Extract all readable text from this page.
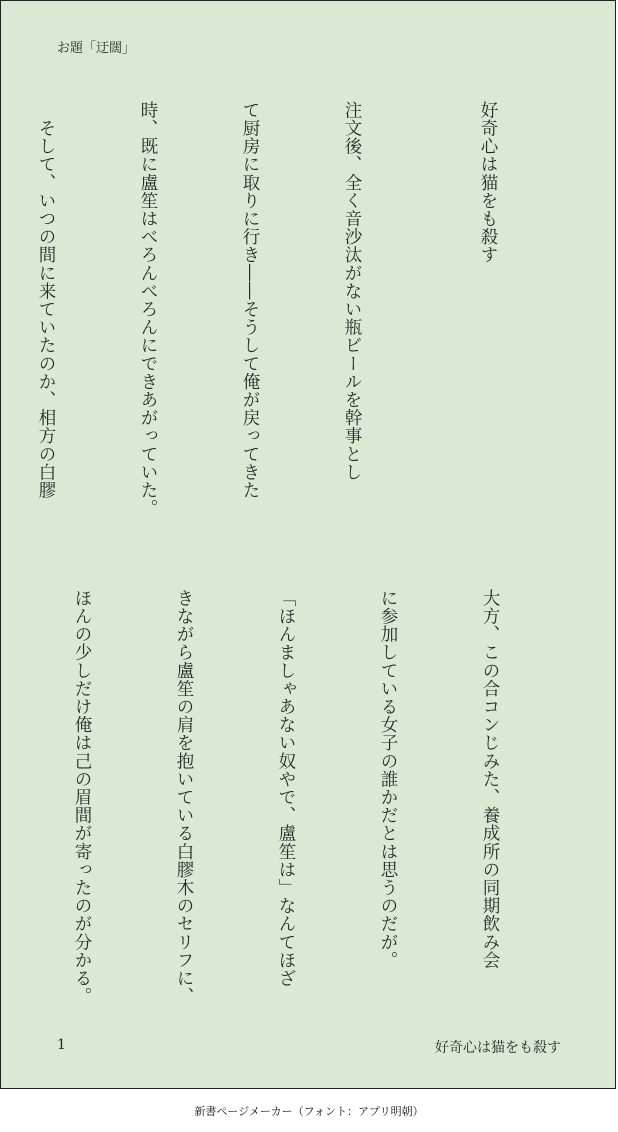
お題「迂闊」

好奇心は猫をも殺す

注文後、全く音沙汰がない瓶ビールを幹事とし

て厨房に取りに行き――そうして俺が戻ってきた

時、既に盧笙はべろんべろんにできあがっていた。

　そして、いつの間に来ていたのか、相方の白膠

大方、この合コンじみた、養成所の同期飲み会

に参加している女子の誰かだとは思うのだが。

「ほんましゃあない奴やで、盧笙は」なんてほざ

きながら盧笙の肩を抱いている白膠木のセリフに、

ほんの少しだけ俺は己の眉間が寄ったのが分かる。

1	好奇心は猫をも殺す
新書ページメーカー（フォント：アプリ明朝）
